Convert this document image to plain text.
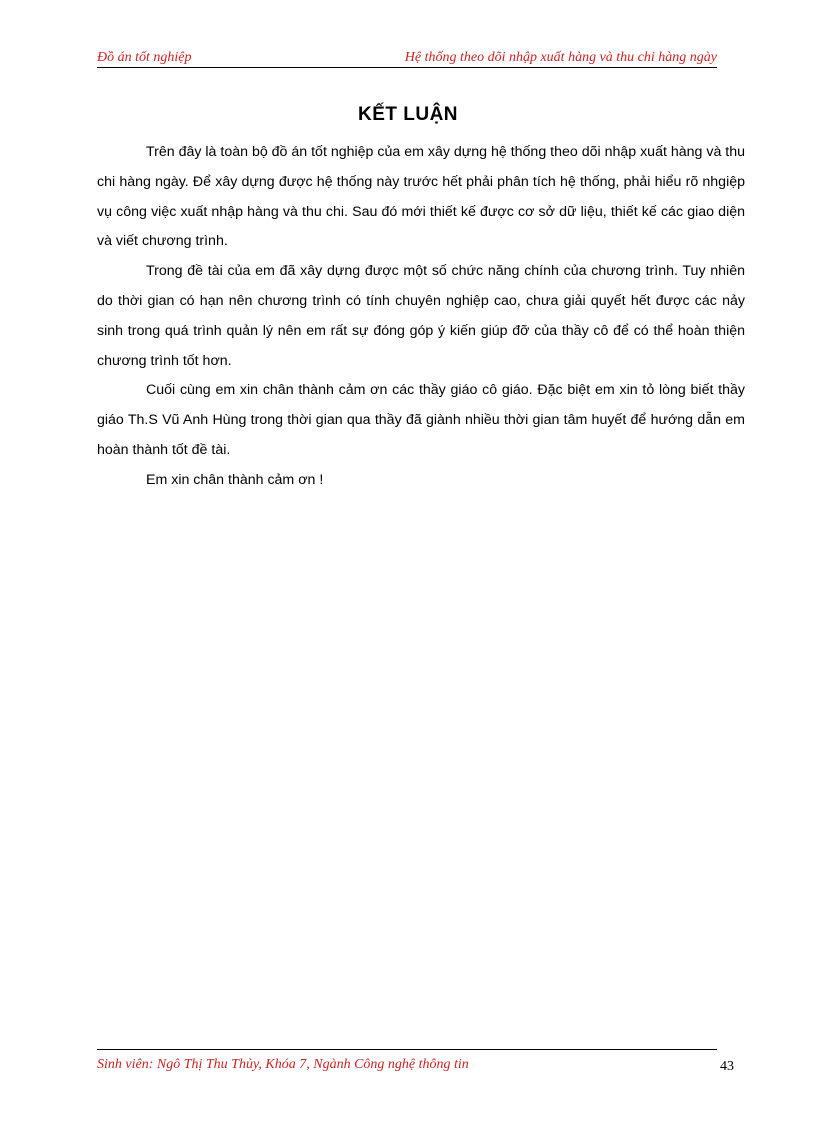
Đồ án tốt nghiệp	Hệ thống theo dõi nhập xuất hàng và thu chi hàng ngày
KẾT LUẬN

Trên đây là toàn bộ đồ án tốt nghiệp của em xây dựng hệ thống theo dõi nhập xuất hàng và thu chi hàng ngày. Để xây dựng được hệ thống này trước hết phải phân tích hệ thống, phải hiểu rõ nhgiệp vụ công việc xuất nhập hàng và thu chi. Sau đó mới thiết kế được cơ sở dữ liệu, thiết kế các giao diện và viết chương trình.

Trong đề tài của em đã xây dựng được một số chức năng chính của chương trình. Tuy nhiên do thời gian có hạn nên chương trình có tính chuyên nghiệp cao, chưa giải quyết hết được các nảy sinh trong quá trình quản lý nên em rất sự đóng góp ý kiến giúp đỡ của thầy cô để có thể hoàn thiện chương trình tốt hơn.

Cuối cùng em xin chân thành cảm ơn các thầy giáo cô giáo. Đặc biệt em xin tỏ lòng biết thầy giáo Th.S Vũ Anh Hùng trong thời gian qua thầy đã giành nhiều thời gian tâm huyết để hướng dẫn em hoàn thành tốt đề tài.

Em xin chân thành cảm ơn !

Sinh viên: Ngô Thị Thu Thủy, Khóa 7, Ngành Công nghệ thông tin	43
